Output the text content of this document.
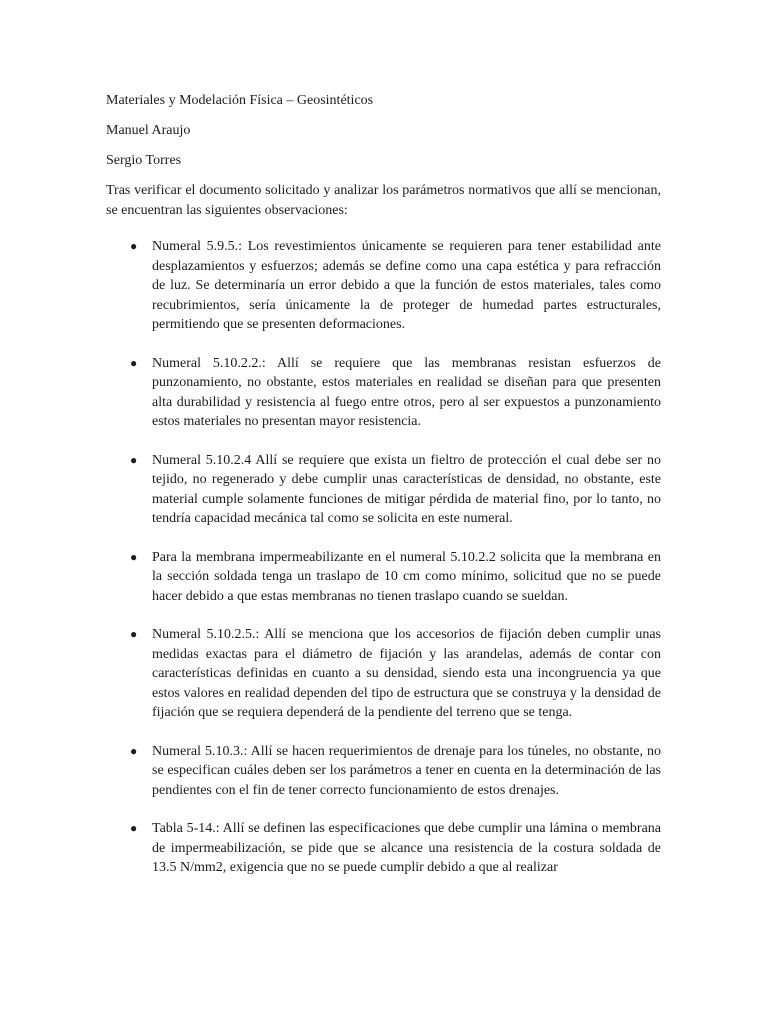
Materiales y Modelación Física – Geosintéticos

Manuel Araujo

Sergio Torres

Tras verificar el documento solicitado y analizar los parámetros normativos que allí se mencionan, se encuentran las siguientes observaciones:

● Numeral 5.9.5.: Los revestimientos únicamente se requieren para tener estabilidad ante desplazamientos y esfuerzos; además se define como una capa estética y para refracción de luz. Se determinaría un error debido a que la función de estos materiales, tales como recubrimientos, sería únicamente la de proteger de humedad partes estructurales, permitiendo que se presenten deformaciones.
● Numeral 5.10.2.2.: Allí se requiere que las membranas resistan esfuerzos de punzonamiento, no obstante, estos materiales en realidad se diseñan para que presenten alta durabilidad y resistencia al fuego entre otros, pero al ser expuestos a punzonamiento estos materiales no presentan mayor resistencia.
● Numeral 5.10.2.4 Allí se requiere que exista un fieltro de protección el cual debe ser no tejido, no regenerado y debe cumplir unas características de densidad, no obstante, este material cumple solamente funciones de mitigar pérdida de material fino, por lo tanto, no tendría capacidad mecánica tal como se solicita en este numeral.
● Para la membrana impermeabilizante en el numeral 5.10.2.2 solicita que la membrana en la sección soldada tenga un traslapo de 10 cm como mínimo, solicitud que no se puede hacer debido a que estas membranas no tienen traslapo cuando se sueldan.
● Numeral 5.10.2.5.: Allí se menciona que los accesorios de fijación deben cumplir unas medidas exactas para el diámetro de fijación y las arandelas, además de contar con características definidas en cuanto a su densidad, siendo esta una incongruencia ya que estos valores en realidad dependen del tipo de estructura que se construya y la densidad de fijación que se requiera dependerá de la pendiente del terreno que se tenga.
● Numeral 5.10.3.: Allí se hacen requerimientos de drenaje para los túneles, no obstante, no se especifican cuáles deben ser los parámetros a tener en cuenta en la determinación de las pendientes con el fin de tener correcto funcionamiento de estos drenajes.
● Tabla 5-14.: Allí se definen las especificaciones que debe cumplir una lámina o membrana de impermeabilización, se pide que se alcance una resistencia de la costura soldada de 13.5 N/mm2, exigencia que no se puede cumplir debido a que al realizar
